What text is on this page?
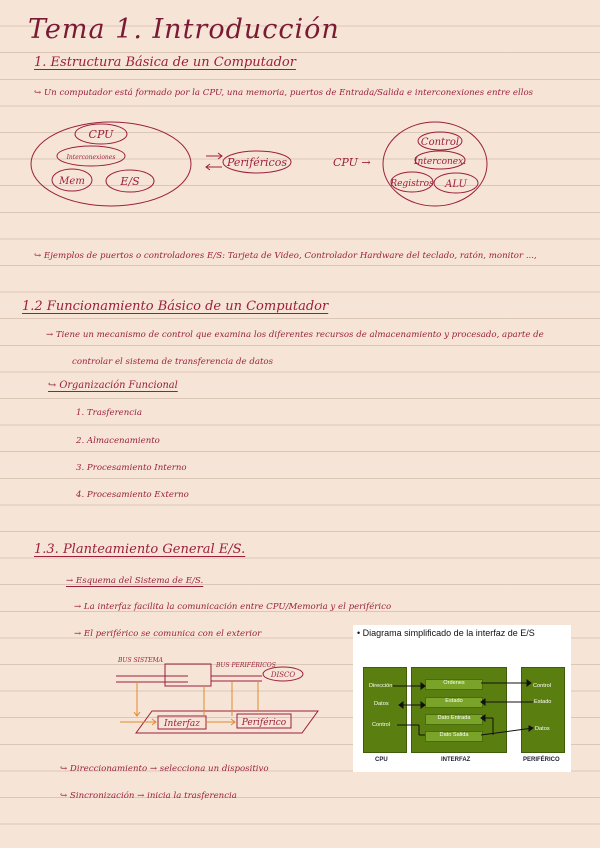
Tema 1. Introducción
1. Estructura Básica de un Computador
↪ Un computador está formado por la CPU, una memoria, puertos de Entrada/Salida e interconexiones entre ellos
CPU
Interconexiones
Mem	E/S
Periféricos	CPU →
Control
Interconex.
Registros ALU
BUS SISTEMA
BUS PERIFÉRICOS
DISCO
Interfaz	Periférico
↪ Ejemplos de puertos o controladores E/S: Tarjeta de Video, Controlador Hardware del teclado, ratón, monitor ...,
1.2 Funcionamiento Básico de un Computador
→ Tiene un mecanismo de control que examina los diferentes recursos de almacenamiento y procesado, aparte de
controlar el sistema de transferencia de datos
↪ Organización Funcional
1. Trasferencia
2. Almacenamiento
3. Procesamiento Interno
4. Procesamiento Externo
1.3. Planteamiento General E/S.
→ Esquema del Sistema de E/S.
→ La interfaz facilita la comunicación entre CPU/Memoria y el periférico
→ El periférico se comunica con el exterior
↪ Direccionamiento → selecciona un dispositivo
↪ Sincronización → inicia la trasferencia
• Diagrama simplificado de la interfaz de E/S
Dirección
Datos
Control
Ordenes
Estado
Dato Entrada
Dato Salida
Control
Estado
Datos
CPU	INTERFAZ	PERIFÉRICO
